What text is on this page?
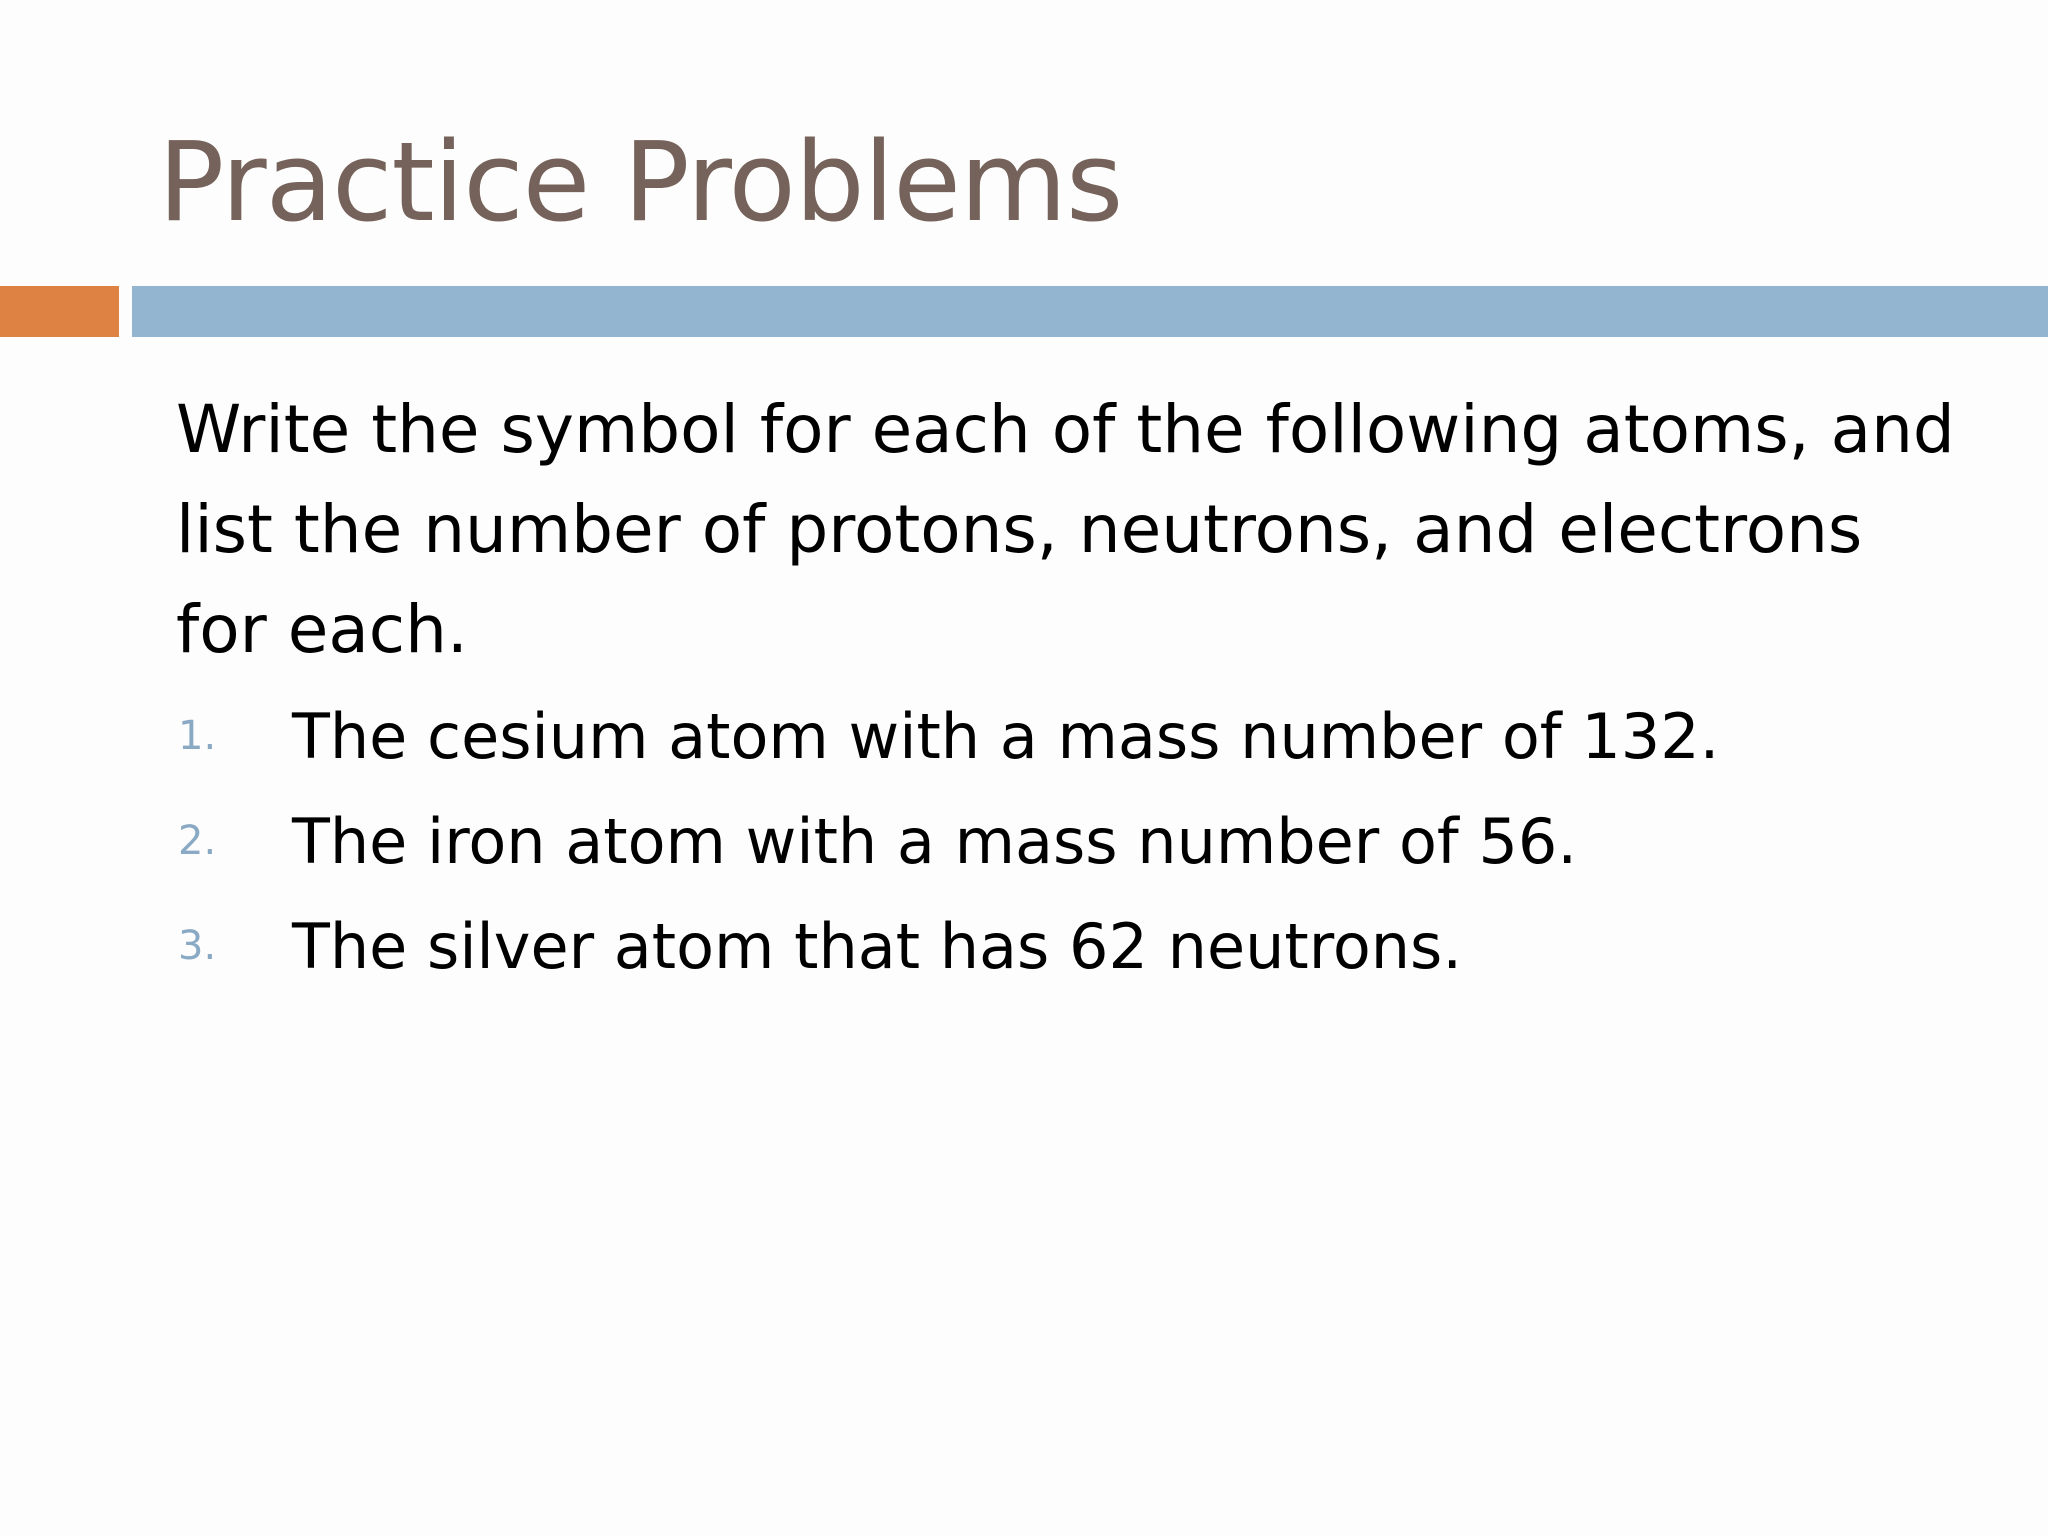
Practice Problems

Write the symbol for each of the following atoms, and list the number of protons, neutrons, and electrons for each.

1.	The cesium atom with a mass number of 132.
2.	The iron atom with a mass number of 56.
3.	The silver atom that has 62 neutrons.
